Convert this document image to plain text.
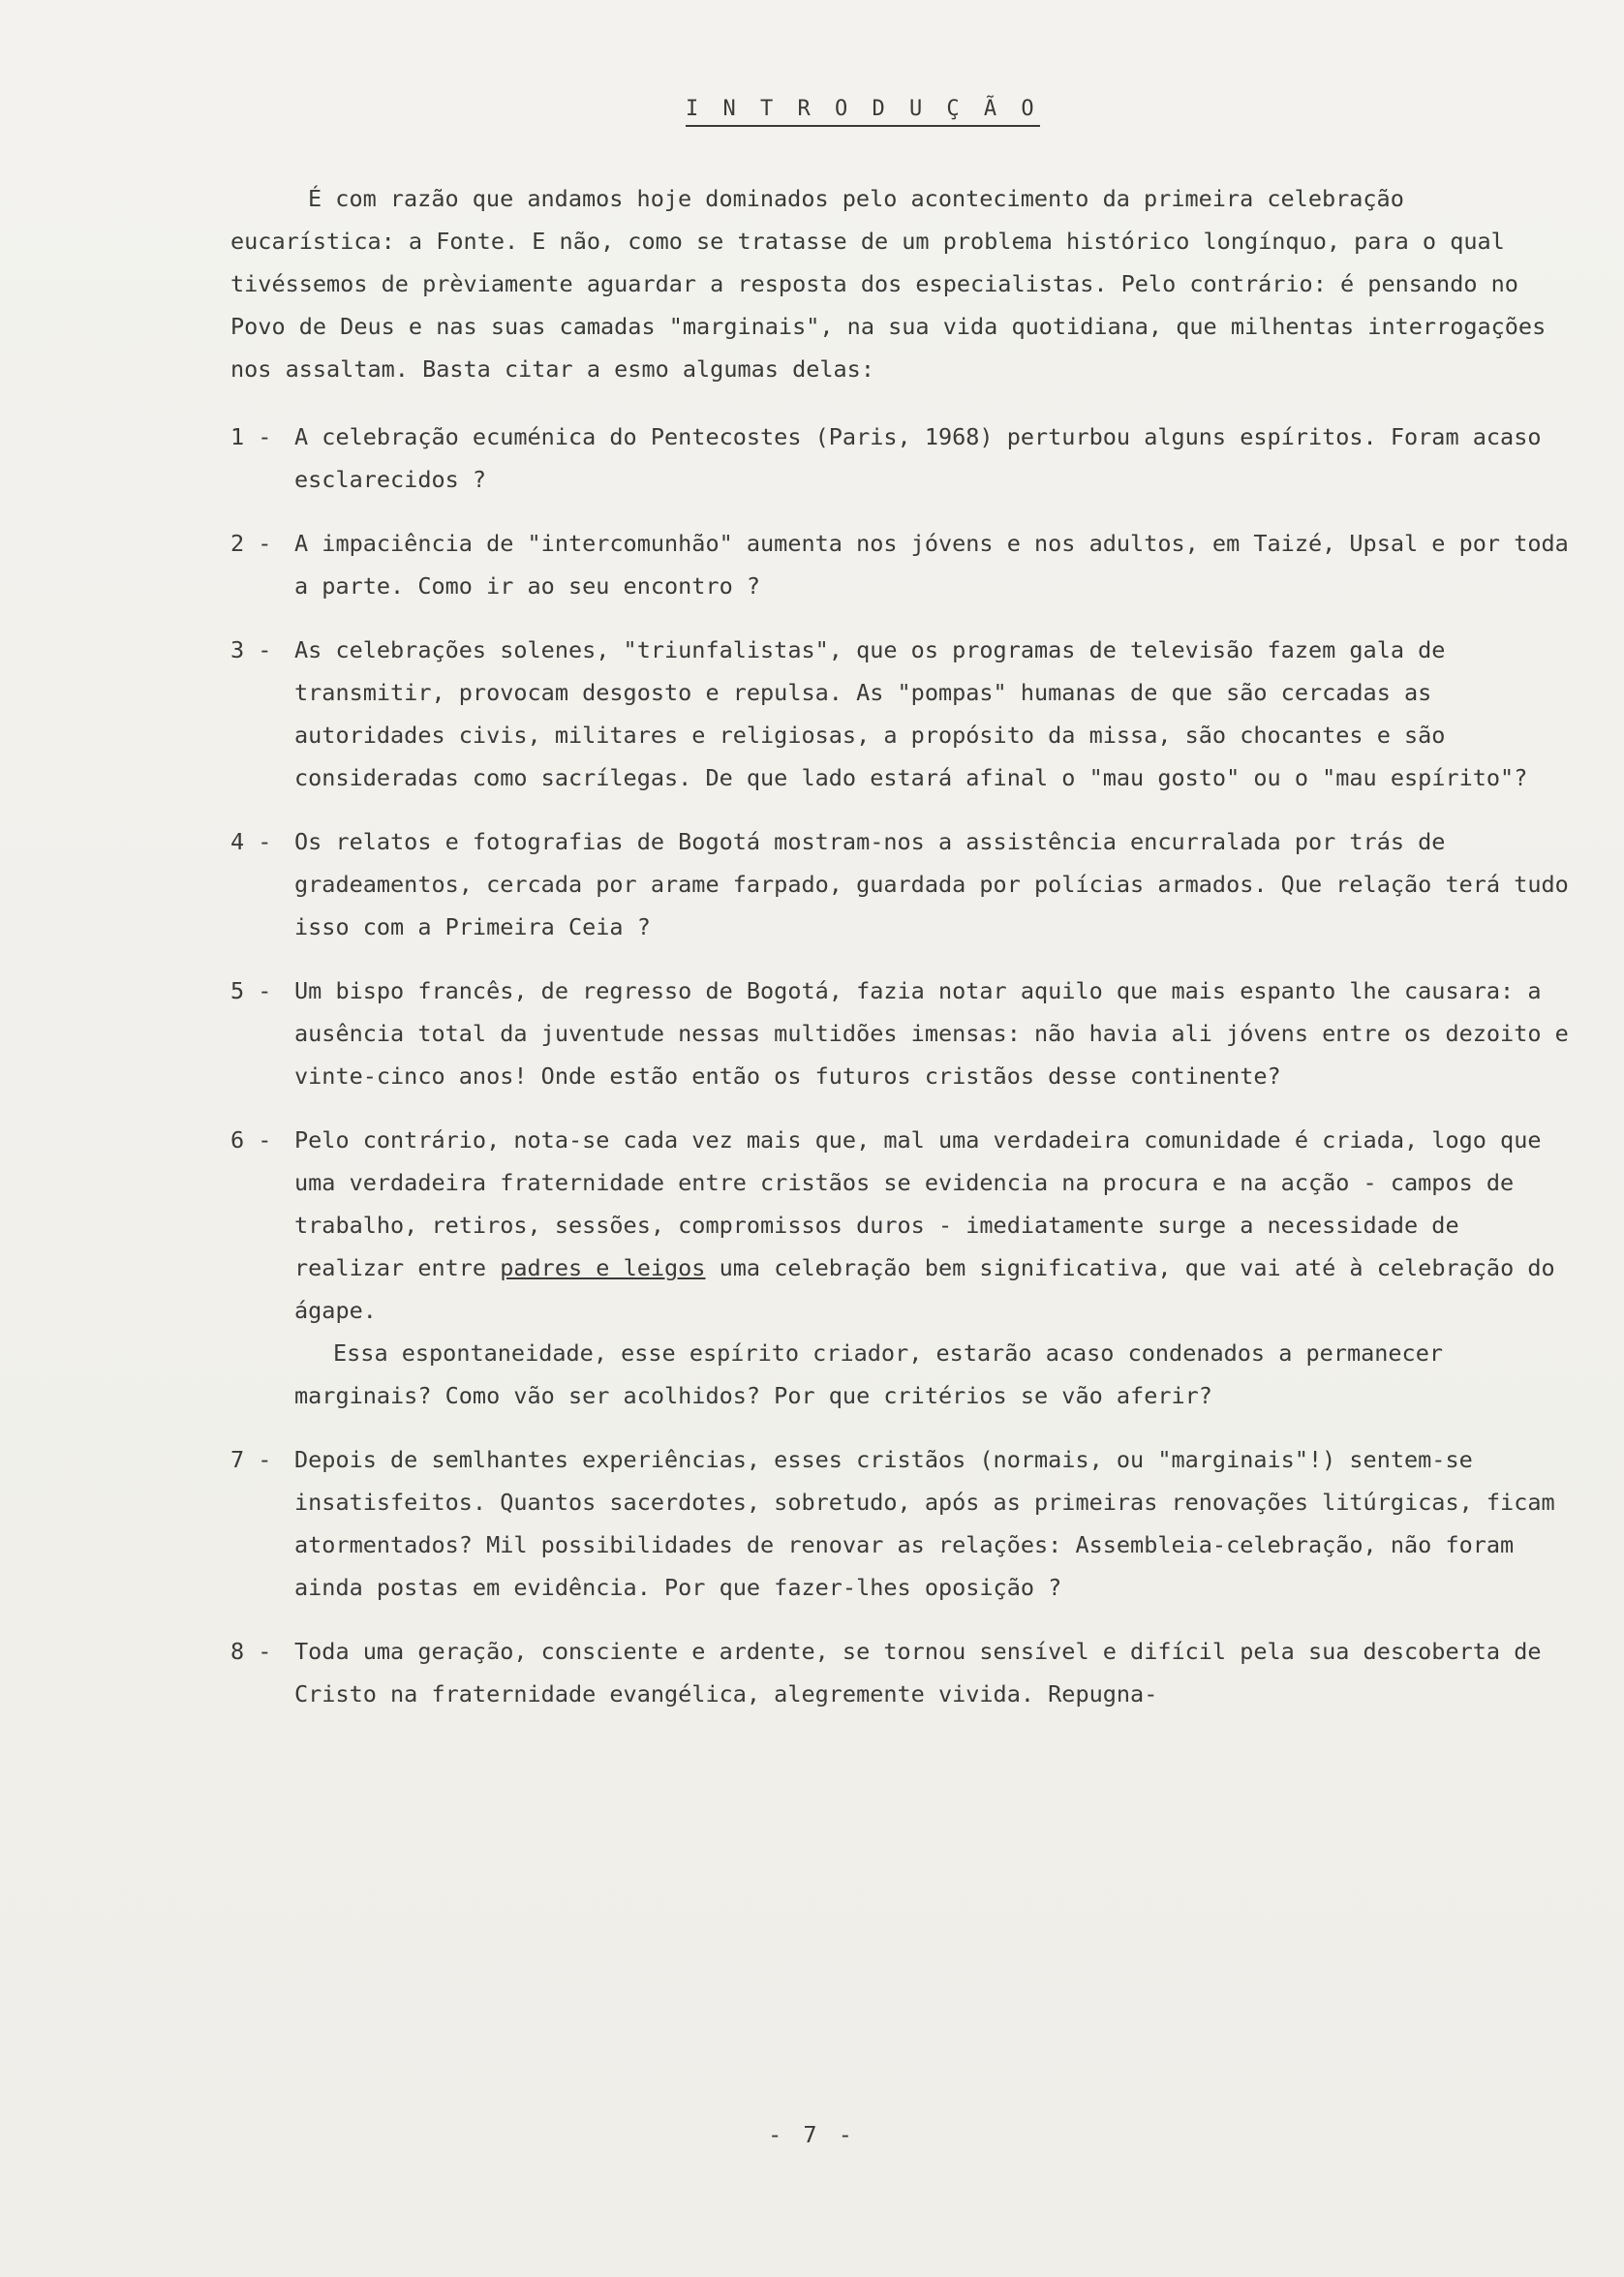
I N T R O D U Ç Ã O

É com razão que andamos hoje dominados pelo acontecimento da primeira celebração eucarística: a Fonte. E não, como se tratasse de um problema histórico longínquo, para o qual tivéssemos de prèviamente aguardar a resposta dos especialistas. Pelo contrário: é pensando no Povo de Deus e nas suas camadas "marginais", na sua vida quotidiana, que milhentas interrogações nos assaltam. Basta citar a esmo algumas delas:

1 -	A celebração ecuménica do Pentecostes (Paris, 1968) perturbou alguns espíritos. Foram acaso esclarecidos ?
2 -	A impaciência de "intercomunhão" aumenta nos jóvens e nos adultos, em Taizé, Upsal e por toda a parte. Como ir ao seu encontro ?
3 -	As celebrações solenes, "triunfalistas", que os programas de televisão fazem gala de transmitir, provocam desgosto e repulsa. As "pompas" humanas de que são cercadas as autoridades civis, militares e religiosas, a propósito da missa, são chocantes e são consideradas como sacrílegas. De que lado estará afinal o "mau gosto" ou o "mau espírito"?
4 -	Os relatos e fotografias de Bogotá mostram-nos a assistência encurralada por trás de gradeamentos, cercada por arame farpado, guardada por polícias armados. Que relação terá tudo isso com a Primeira Ceia ?
5 -	Um bispo francês, de regresso de Bogotá, fazia notar aquilo que mais espanto lhe causara: a ausência total da juventude nessas multidões imensas: não havia ali jóvens entre os dezoito e vinte-cinco anos! Onde estão então os futuros cristãos desse continente?
6 -	Pelo contrário, nota-se cada vez mais que, mal uma verdadeira comunidade é criada, logo que uma verdadeira fraternidade entre cristãos se evidencia na procura e na acção - campos de trabalho, retiros, sessões, compromissos duros - imediatamente surge a necessidade de realizar entre padres e leigos uma celebração bem significativa, que vai até à celebração do ágape.
Essa espontaneidade, esse espírito criador, estarão acaso condenados a permanecer marginais? Como vão ser acolhidos? Por que critérios se vão aferir?
7 -	Depois de semlhantes experiências, esses cristãos (normais, ou "marginais"!) sentem-se insatisfeitos. Quantos sacerdotes, sobretudo, após as primeiras renovações litúrgicas, ficam atormentados? Mil possibilidades de renovar as relações: Assembleia-celebração, não foram ainda postas em evidência. Por que fazer-lhes oposição ?
8 -	Toda uma geração, consciente e ardente, se tornou sensível e difícil pela sua descoberta de Cristo na fraternidade evangélica, alegremente vivida. Repugna-
- 7 -
